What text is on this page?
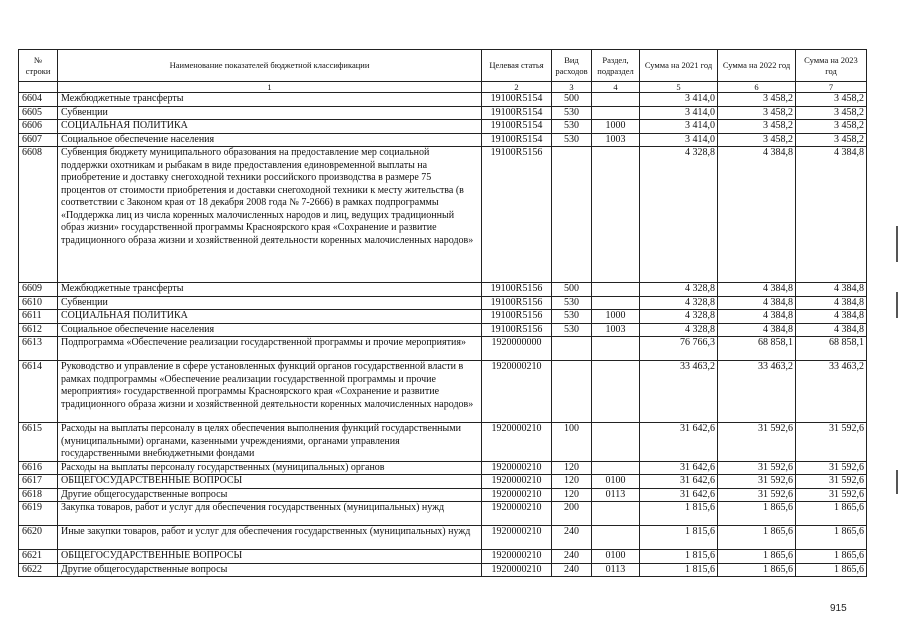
№ строки	Наименование показателей бюджетной классификации	Целевая статья	Вид расходов	Раздел, подраздел	Сумма на 2021 год	Сумма на 2022 год	Сумма на 2023 год
	1	2	3	4	5	6	7
6604	Межбюджетные трансферты	19100R5154	500		3 414,0	3 458,2	3 458,2
6605	Субвенции	19100R5154	530		3 414,0	3 458,2	3 458,2
6606	СОЦИАЛЬНАЯ ПОЛИТИКА	19100R5154	530	1000	3 414,0	3 458,2	3 458,2
6607	Социальное обеспечение населения	19100R5154	530	1003	3 414,0	3 458,2	3 458,2
6608	Субвенция бюджету муниципального образования на предоставление мер социальной поддержки охотникам и рыбакам в виде предоставления единовременной выплаты на приобретение и доставку снегоходной техники российского производства в размере 75 процентов от стоимости приобретения и доставки снегоходной техники к месту жительства (в соответствии с Законом края от 18 декабря 2008 года № 7-2666) в рамках подпрограммы «Поддержка лиц из числа коренных малочисленных народов и лиц, ведущих традиционный образ жизни» государственной программы Красноярского края «Сохранение и развитие традиционного образа жизни и хозяйственной деятельности коренных малочисленных народов»	19100R5156			4 328,8	4 384,8	4 384,8
6609	Межбюджетные трансферты	19100R5156	500		4 328,8	4 384,8	4 384,8
6610	Субвенции	19100R5156	530		4 328,8	4 384,8	4 384,8
6611	СОЦИАЛЬНАЯ ПОЛИТИКА	19100R5156	530	1000	4 328,8	4 384,8	4 384,8
6612	Социальное обеспечение населения	19100R5156	530	1003	4 328,8	4 384,8	4 384,8
6613	Подпрограмма «Обеспечение реализации государственной программы и прочие мероприятия»	1920000000			76 766,3	68 858,1	68 858,1
6614	Руководство и управление в сфере установленных функций органов государственной власти в рамках подпрограммы «Обеспечение реализации государственной программы и прочие мероприятия» государственной программы Красноярского края «Сохранение и развитие традиционного образа жизни и хозяйственной деятельности коренных малочисленных народов»	1920000210			33 463,2	33 463,2	33 463,2
6615	Расходы на выплаты персоналу в целях обеспечения выполнения функций государственными (муниципальными) органами, казенными учреждениями, органами управления государственными внебюджетными фондами	1920000210	100		31 642,6	31 592,6	31 592,6
6616	Расходы на выплаты персоналу государственных (муниципальных) органов	1920000210	120		31 642,6	31 592,6	31 592,6
6617	ОБЩЕГОСУДАРСТВЕННЫЕ ВОПРОСЫ	1920000210	120	0100	31 642,6	31 592,6	31 592,6
6618	Другие общегосударственные вопросы	1920000210	120	0113	31 642,6	31 592,6	31 592,6
6619	Закупка товаров, работ и услуг для обеспечения государственных (муниципальных) нужд	1920000210	200		1 815,6	1 865,6	1 865,6
6620	Иные закупки товаров, работ и услуг для обеспечения государственных (муниципальных) нужд	1920000210	240		1 815,6	1 865,6	1 865,6
6621	ОБЩЕГОСУДАРСТВЕННЫЕ ВОПРОСЫ	1920000210	240	0100	1 815,6	1 865,6	1 865,6
6622	Другие общегосударственные вопросы	1920000210	240	0113	1 815,6	1 865,6	1 865,6
915
